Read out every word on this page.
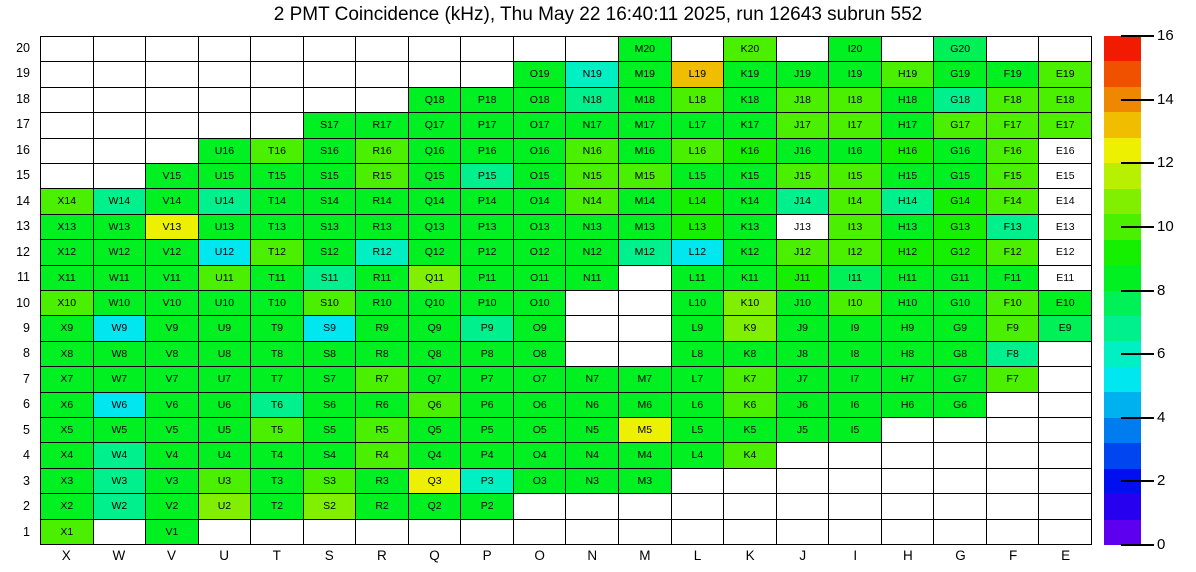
2 PMT Coincidence (kHz), Thu May 22 16:40:11 2025, run 12643 subrun 552
20
19
18
17
16
15
14
13
12
11
10
9
8
7
6
5
4
3
2
1
M20	K20	I20	G20
O19	N19	M19	L19	K19	J19	I19	H19	G19	F19	E19
Q18	P18	O18	N18	M18	L18	K18	J18	I18	H18	G18	F18	E18
S17	R17	Q17	P17	O17	N17	M17	L17	K17	J17	I17	H17	G17	F17	E17
U16	T16	S16	R16	Q16	P16	O16	N16	M16	L16	K16	J16	I16	H16	G16	F16	E16
V15	U15	T15	S15	R15	Q15	P15	O15	N15	M15	L15	K15	J15	I15	H15	G15	F15	E15
X14	W14	V14	U14	T14	S14	R14	Q14	P14	O14	N14	M14	L14	K14	J14	I14	H14	G14	F14	E14
X13	W13	V13	U13	T13	S13	R13	Q13	P13	O13	N13	M13	L13	K13	J13	I13	H13	G13	F13	E13
X12	W12	V12	U12	T12	S12	R12	Q12	P12	O12	N12	M12	L12	K12	J12	I12	H12	G12	F12	E12
X11	W11	V11	U11	T11	S11	R11	Q11	P11	O11	N11	L11	K11	J11	I11	H11	G11	F11	E11
X10	W10	V10	U10	T10	S10	R10	Q10	P10	O10	L10	K10	J10	I10	H10	G10	F10	E10
X9	W9	V9	U9	T9	S9	R9	Q9	P9	O9	L9	K9	J9	I9	H9	G9	F9	E9
X8	W8	V8	U8	T8	S8	R8	Q8	P8	O8	L8	K8	J8	I8	H8	G8	F8
X7	W7	V7	U7	T7	S7	R7	Q7	P7	O7	N7	M7	L7	K7	J7	I7	H7	G7	F7
X6	W6	V6	U6	T6	S6	R6	Q6	P6	O6	N6	M6	L6	K6	J6	I6	H6	G6
X5	W5	V5	U5	T5	S5	R5	Q5	P5	O5	N5	M5	L5	K5	J5	I5
X4	W4	V4	U4	T4	S4	R4	Q4	P4	O4	N4	M4	L4	K4
X3	W3	V3	U3	T3	S3	R3	Q3	P3	O3	N3	M3
X2	W2	V2	U2	T2	S2	R2	Q2	P2
X1	V1
X	W	V	U	T	S	R	Q	P	O	N	M	L	K	J	I	H	G	F	E
0
2
4
6
8
10
12
14
16
